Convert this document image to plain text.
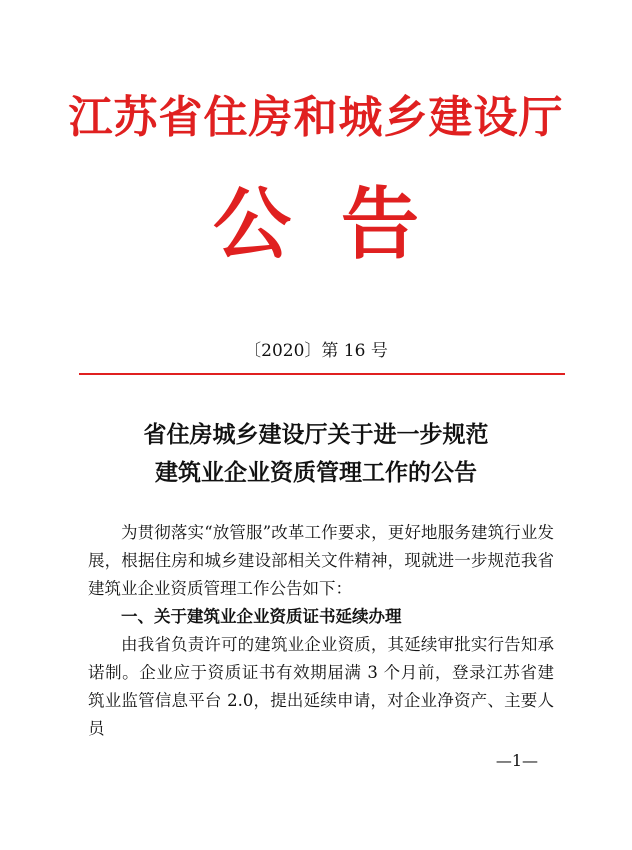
江苏省住房和城乡建设厅
公告
〔2020〕第 16 号
省住房城乡建设厅关于进一步规范
建筑业企业资质管理工作的公告

为贯彻落实“放管服”改革工作要求，更好地服务建筑行业发展，根据住房和城乡建设部相关文件精神，现就进一步规范我省建筑业企业资质管理工作公告如下：

一、关于建筑业企业资质证书延续办理

由我省负责许可的建筑业企业资质，其延续审批实行告知承诺制。企业应于资质证书有效期届满 3 个月前，登录江苏省建筑业监管信息平台 2.0，提出延续申请，对企业净资产、主要人员

—1—
